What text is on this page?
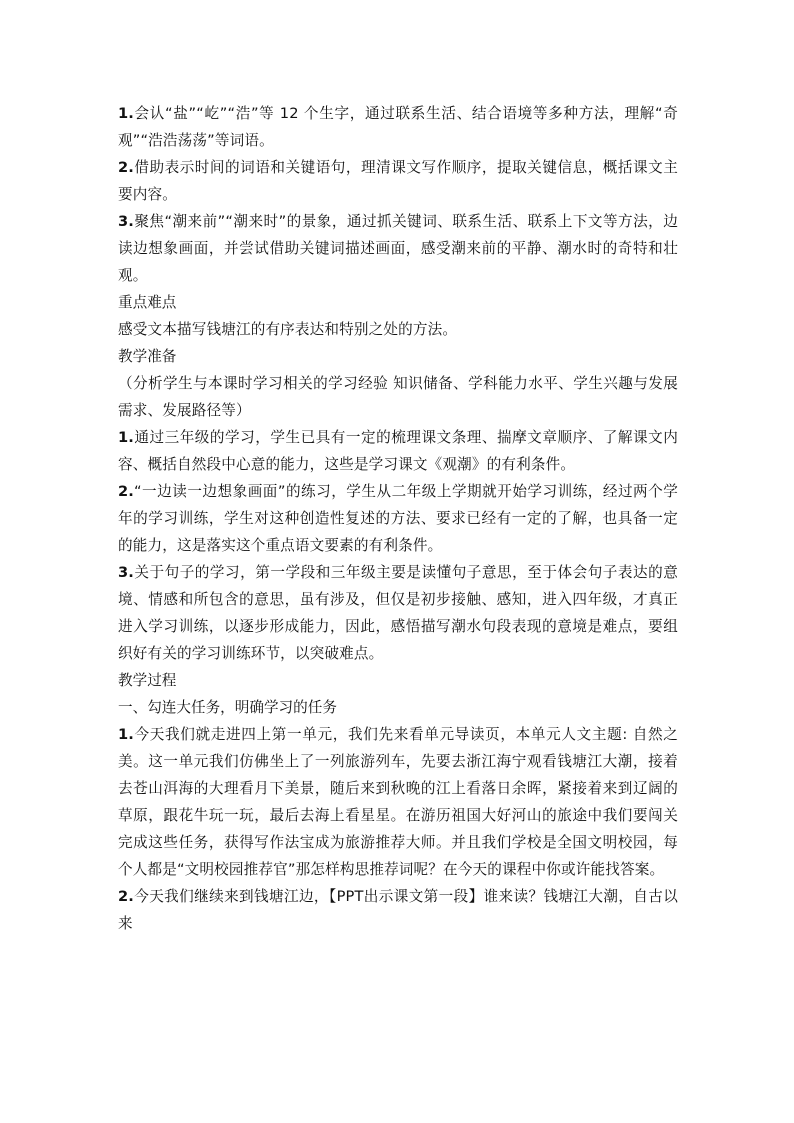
1.会认“盐”“屹”“浩”等 12 个生字，通过联系生活、结合语境等多种方法，理解“奇观”“浩浩荡荡”等词语。

2.借助表示时间的词语和关键语句，理清课文写作顺序，提取关键信息，概括课文主要内容。

3.聚焦“潮来前”“潮来时”的景象，通过抓关键词、联系生活、联系上下文等方法，边读边想象画面，并尝试借助关键词描述画面，感受潮来前的平静、潮水时的奇特和壮观。

重点难点

感受文本描写钱塘江的有序表达和特别之处的方法。

教学准备

（分析学生与本课时学习相关的学习经验 知识储备、学科能力水平、学生兴趣与发展需求、发展路径等）

1.通过三年级的学习，学生已具有一定的梳理课文条理、揣摩文章顺序、了解课文内容、概括自然段中心意的能力，这些是学习课文《观潮》的有利条件。

2.“一边读一边想象画面”的练习，学生从二年级上学期就开始学习训练，经过两个学年的学习训练，学生对这种创造性复述的方法、要求已经有一定的了解，也具备一定的能力，这是落实这个重点语文要素的有利条件。

3.关于句子的学习，第一学段和三年级主要是读懂句子意思，至于体会句子表达的意境、情感和所包含的意思，虽有涉及，但仅是初步接触、感知，进入四年级，才真正进入学习训练，以逐步形成能力，因此，感悟描写潮水句段表现的意境是难点，要组织好有关的学习训练环节，以突破难点。

教学过程

一、勾连大任务，明确学习的任务

1.今天我们就走进四上第一单元，我们先来看单元导读页，本单元人文主题: 自然之美。这一单元我们仿佛坐上了一列旅游列车，先要去浙江海宁观看钱塘江大潮，接着去苍山洱海的大理看月下美景，随后来到秋晚的江上看落日余晖，紧接着来到辽阔的草原，跟花牛玩一玩，最后去海上看星星。在游历祖国大好河山的旅途中我们要闯关完成这些任务，获得写作法宝成为旅游推荐大师。并且我们学校是全国文明校园，每个人都是“文明校园推荐官”那怎样构思推荐词呢？在今天的课程中你或许能找答案。

2.今天我们继续来到钱塘江边，【PPT出示课文第一段】谁来读？钱塘江大潮，自古以来
